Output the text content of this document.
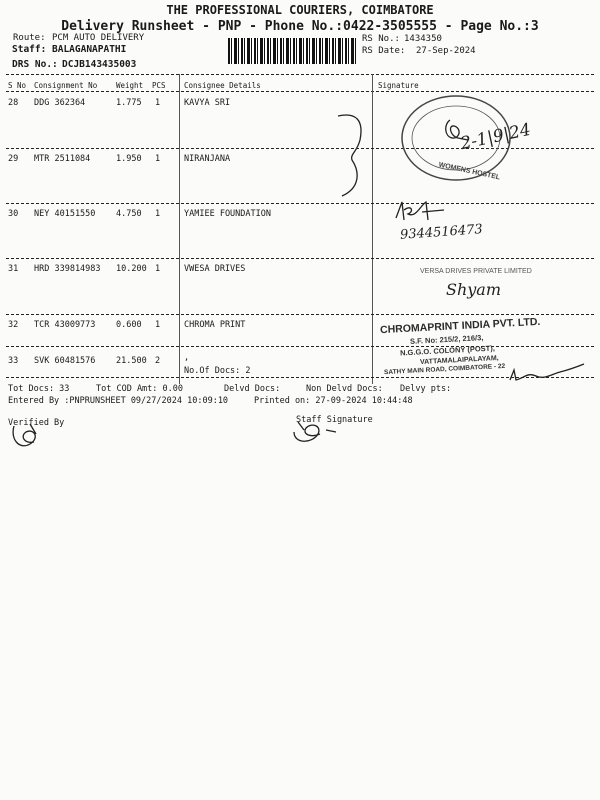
THE PROFESSIONAL COURIERS, COIMBATORE
Delivery Runsheet - PNP - Phone No.:0422-3505555 - Page No.:3
Route: PCM AUTO DELIVERY
Staff: BALAGANAPATHI
DRS No.: DCJB143435003
RS No.: 1434350
RS Date: 27-Sep-2024
S No Consignment No	Weight PCS Consignee Details	Signature
28 DDG 362364	1.775 1	KAVYA SRI
29 MTR 2511084	1.950 1	NIRANJANA
30 NEY 40151550 4.750 1	YAMIEE FOUNDATION
31 HRD 339814983 10.200 1	VWESA DRIVES
32 TCR 43009773 0.600 1	CHROMA PRINT
33 SVK 60481576 21.500 2	,
No.Of Docs: 2
2-1|9|24
WOMENS HOSTEL
9344516473
VERSA DRIVES PRIVATE LIMITED
Shyam
CHROMAPRINT INDIA PVT. LTD.
S.F. No: 215/2, 216/3,
N.G.G.O. COLONY (POST),
VATTAMALAIPALAYAM,
SATHY MAIN ROAD, COIMBATORE - 22
Tot Docs: 33	Tot COD Amt: 0.00	Delvd Docs:	Non Delvd Docs: Delvy pts:
Entered By :PNPRUNSHEET 09/27/2024 10:09:10	Printed on: 27-09-2024 10:44:48
Verified By	Staff Signature
